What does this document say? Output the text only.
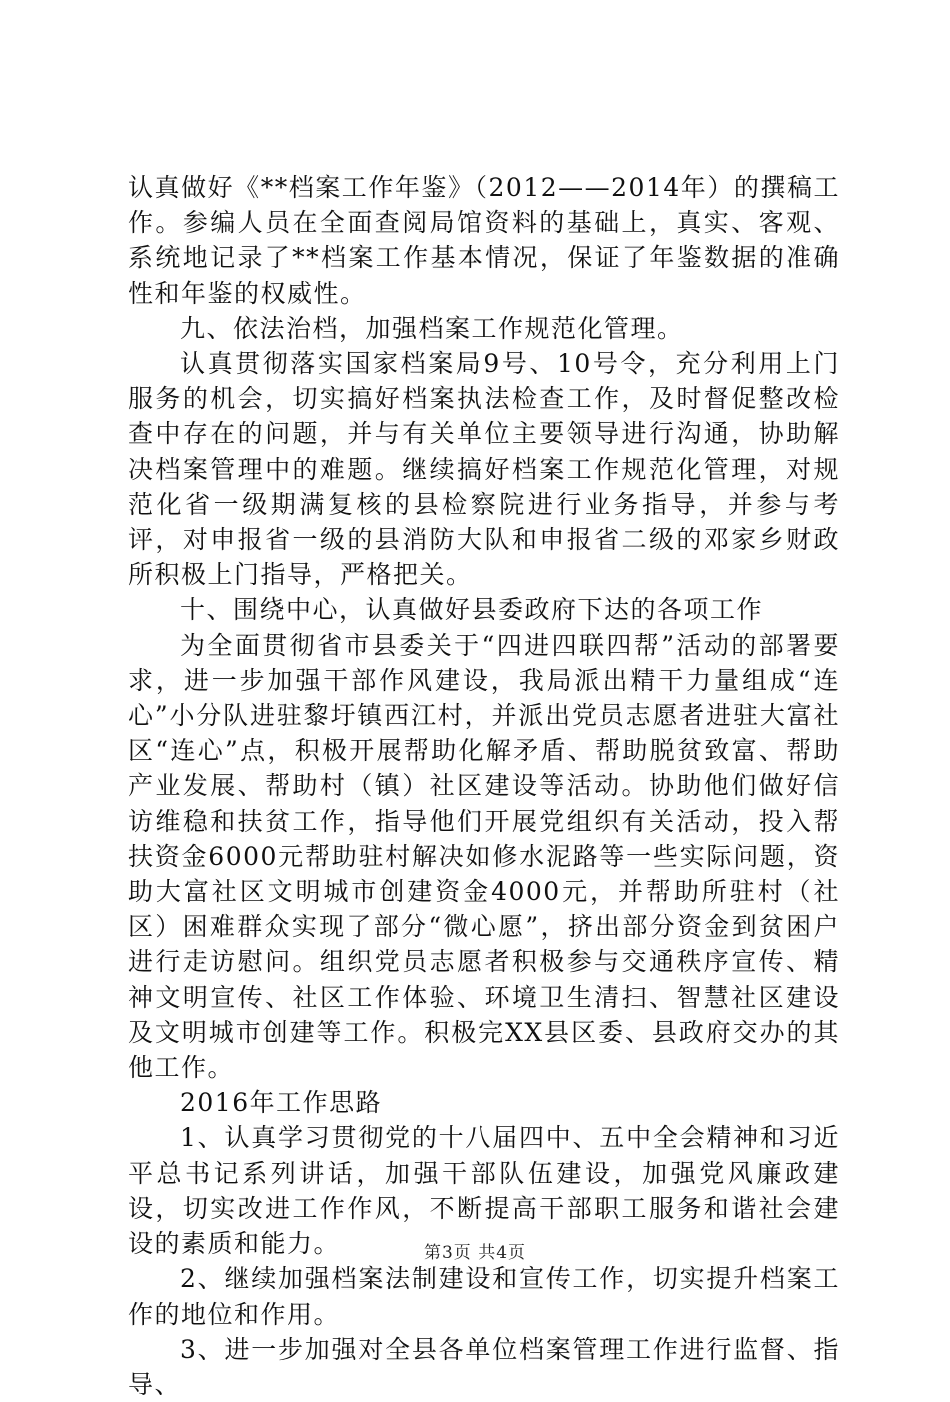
认真做好《**档案工作年鉴》（2012——2014年）的撰稿工作。参编人员在全面查阅局馆资料的基础上，真实、客观、系统地记录了**档案工作基本情况，保证了年鉴数据的准确性和年鉴的权威性。

九、依法治档，加强档案工作规范化管理。

认真贯彻落实国家档案局9号、10号令，充分利用上门服务的机会，切实搞好档案执法检查工作，及时督促整改检查中存在的问题，并与有关单位主要领导进行沟通，协助解决档案管理中的难题。继续搞好档案工作规范化管理，对规范化省一级期满复核的县检察院进行业务指导，并参与考评，对申报省一级的县消防大队和申报省二级的邓家乡财政所积极上门指导，严格把关。

十、围绕中心，认真做好县委政府下达的各项工作

为全面贯彻省市县委关于“四进四联四帮”活动的部署要求，进一步加强干部作风建设，我局派出精干力量组成“连心”小分队进驻黎圩镇西江村，并派出党员志愿者进驻大富社区“连心”点，积极开展帮助化解矛盾、帮助脱贫致富、帮助产业发展、帮助村（镇）社区建设等活动。协助他们做好信访维稳和扶贫工作，指导他们开展党组织有关活动，投入帮扶资金6000元帮助驻村解决如修水泥路等一些实际问题，资助大富社区文明城市创建资金4000元，并帮助所驻村（社区）困难群众实现了部分“微心愿”，挤出部分资金到贫困户进行走访慰问。组织党员志愿者积极参与交通秩序宣传、精神文明宣传、社区工作体验、环境卫生清扫、智慧社区建设及文明城市创建等工作。积极完XX县区委、县政府交办的其他工作。

2016年工作思路

1、认真学习贯彻党的十八届四中、五中全会精神和习近平总书记系列讲话，加强干部队伍建设，加强党风廉政建设，切实改进工作作风，不断提高干部职工服务和谐社会建设的素质和能力。

2、继续加强档案法制建设和宣传工作，切实提升档案工作的地位和作用。

3、进一步加强对全县各单位档案管理工作进行监督、指导、

第3页 共4页
